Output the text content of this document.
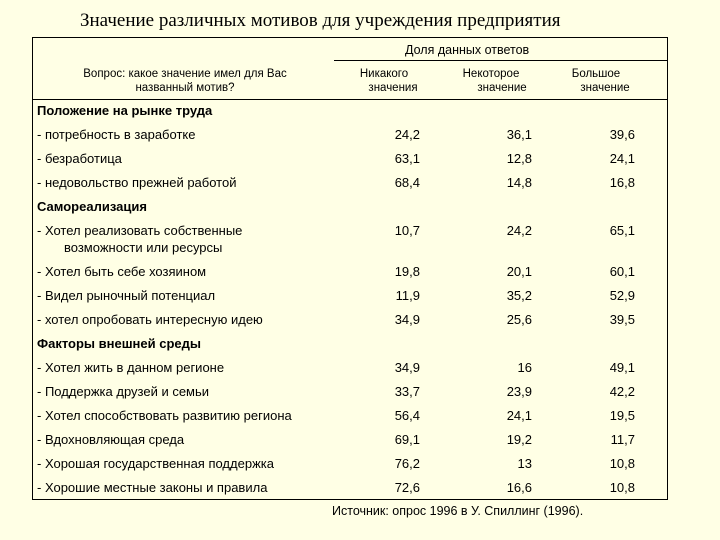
Значение различных мотивов для учреждения предприятия
Доля данных ответов
Вопрос: какое значение имел для Вас
названный мотив?
Никакого
значения
Некоторое
значение
Большое
значение
Положение на рынке труда
- потребность в заработке	24,2	36,1	39,6
- безработица	63,1	12,8	24,1
- недовольство прежней работой	68,4	14,8	16,8
Самореализация
- Хотел реализовать собственные
возможности или ресурсы
10,7	24,2	65,1
- Хотел быть себе хозяином	19,8	20,1	60,1
- Видел рыночный потенциал	11,9	35,2	52,9
- хотел опробовать интересную идею	34,9	25,6	39,5
Факторы внешней среды
- Хотел жить в данном регионе	34,9	16	49,1
- Поддержка друзей и семьи	33,7	23,9	42,2
- Хотел способствовать развитию региона	56,4	24,1	19,5
- Вдохновляющая среда	69,1	19,2	11,7
- Хорошая государственная поддержка	76,2	13	10,8
- Хорошие местные законы и правила	72,6	16,6	10,8
Источник: опрос 1996 в У. Спиллинг (1996).
